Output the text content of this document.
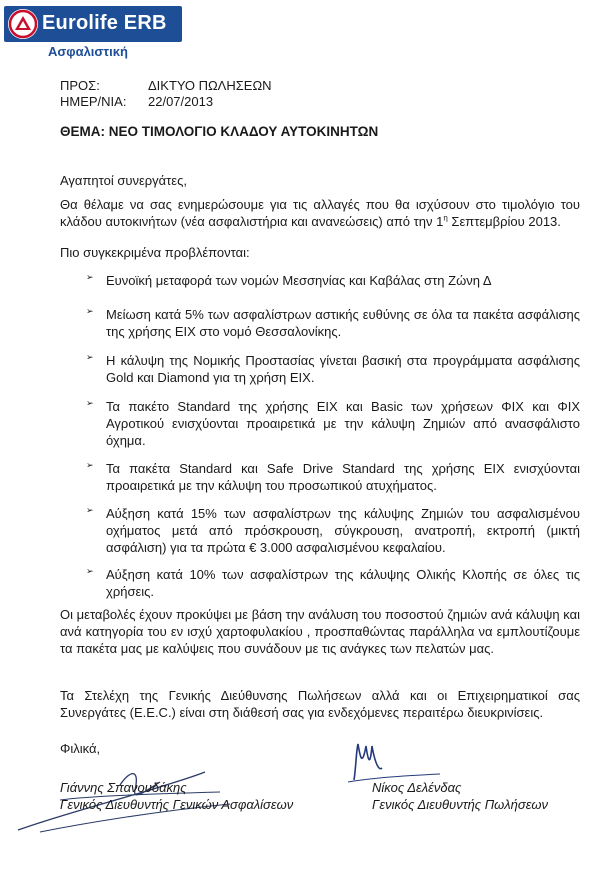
Eurolife ERB
Ασφαλιστική
ΠΡΟΣ:	ΔΙΚΤΥΟ ΠΩΛΗΣΕΩΝ
ΗΜΕΡ/ΝΙΑ: 22/07/2013
ΘΕΜΑ: ΝΕΟ ΤΙΜΟΛΟΓΙΟ ΚΛΑΔΟΥ ΑΥΤΟΚΙΝΗΤΩΝ
Αγαπητοί συνεργάτες,
Θα θέλαμε να σας ενημερώσουμε για τις αλλαγές που θα ισχύσουν στο τιμολόγιο του κλάδου αυτοκινήτων (νέα ασφαλιστήρια και ανανεώσεις) από την $1^\eta$ Σεπτεμβρίου 2013.
Πιο συγκεκριμένα προβλέπονται:
➢ Ευνοϊκή μεταφορά των νομών Μεσσηνίας και Καβάλας στη Ζώνη Δ
➢ Μείωση κατά 5% των ασφαλίστρων αστικής ευθύνης σε όλα τα πακέτα ασφάλισης της χρήσης ΕΙΧ στο νομό Θεσσαλονίκης.
➢ Η κάλυψη της Νομικής Προστασίας γίνεται βασική στα προγράμματα ασφάλισης Gold και Diamond για τη χρήση ΕΙΧ.
➢ Τα πακέτο Standard της χρήσης ΕΙΧ και Basic των χρήσεων ΦΙΧ και ΦΙΧ Αγροτικού ενισχύονται προαιρετικά με την κάλυψη Ζημιών από ανασφάλιστο όχημα.
➢ Τα πακέτα Standard και Safe Drive Standard της χρήσης ΕΙΧ ενισχύονται προαιρετικά με την κάλυψη του προσωπικού ατυχήματος.
➢ Αύξηση κατά 15% των ασφαλίστρων της κάλυψης Ζημιών του ασφαλισμένου οχήματος μετά από πρόσκρουση, σύγκρουση, ανατροπή, εκτροπή (μικτή ασφάλιση) για τα πρώτα € 3.000 ασφαλισμένου κεφαλαίου.
➢ Αύξηση κατά 10% των ασφαλίστρων της κάλυψης Ολικής Κλοπής σε όλες τις χρήσεις.
Οι μεταβολές έχουν προκύψει με βάση την ανάλυση του ποσοστού ζημιών ανά κάλυψη και ανά κατηγορία του εν ισχύ χαρτοφυλακίου , προσπαθώντας παράλληλα να εμπλουτίζουμε τα πακέτα μας με καλύψεις που συνάδουν με τις ανάγκες των πελατών μας.
Τα Στελέχη της Γενικής Διεύθυνσης Πωλήσεων αλλά και οι Επιχειρηματικοί σας Συνεργάτες (Ε.Ε.C.) είναι στη διάθεσή σας για ενδεχόμενες περαιτέρω διευκρινίσεις.
Φιλικά,
Γιάννης Σπανουδάκης
Γενικός Διευθυντής Γενικών Ασφαλίσεων
Νίκος Δελένδας
Γενικός Διευθυντής Πωλήσεων
